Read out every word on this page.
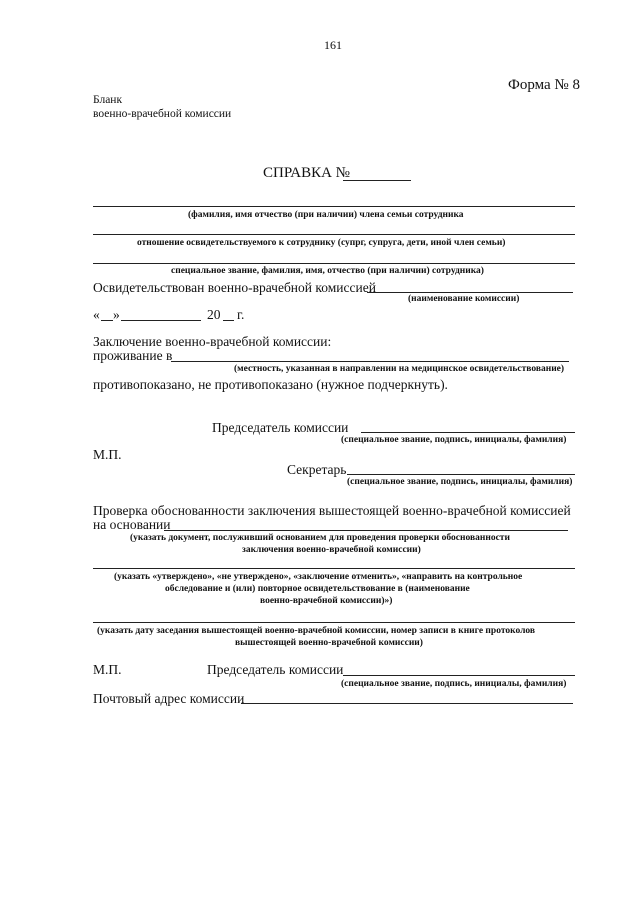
161
Форма № 8
Бланк
военно-врачебной комиссии
СПРАВКА №
(фамилия, имя отчество (при наличии) члена семьи сотрудника
отношение освидетельствуемого к сотруднику (супрг, супруга, дети, иной член семьи)
специальное звание, фамилия, имя, отчество (при наличии) сотрудника)
Освидетельствован военно-врачебной комиссией
(наименование комиссии)
« »	20 г.
Заключение военно-врачебной комиссии:
проживание в
(местность, указанная в направлении на медицинское освидетельствование)
противопоказано, не противопоказано (нужное подчеркнуть).
Председатель комиссии
(специальное звание, подпись, инициалы, фамилия)
М.П.
Секретарь
(специальное звание, подпись, инициалы, фамилия)
Проверка обоснованности заключения вышестоящей военно-врачебной комиссией
на основании
(указать документ, послуживший основанием для проведения проверки обоснованности
заключения военно-врачебной комиссии)
(указать «утверждено», «не утверждено», «заключение отменить», «направить на контрольное
обследование и (или) повторное освидетельствование в (наименование
военно-врачебной комиссии)»)
(указать дату заседания вышестоящей военно-врачебной комиссии, номер записи в книге протоколов
вышестоящей военно-врачебной комиссии)
М.П.	Председатель комиссии
(специальное звание, подпись, инициалы, фамилия)
Почтовый адрес комиссии
